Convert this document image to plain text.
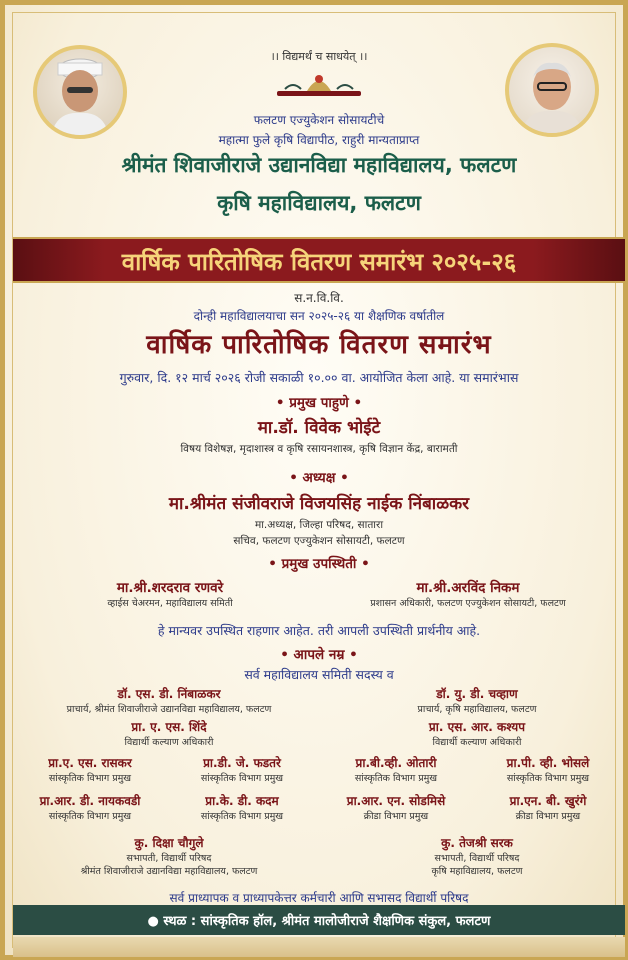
।। विद्यमर्थं च साधयेत् ।।
फलटण एज्युकेशन सोसायटीचे
महात्मा फुले कृषि विद्यापीठ, राहुरी मान्यताप्राप्त
श्रीमंत शिवाजीराजे उद्यानविद्या महाविद्यालय, फलटण
कृषि महाविद्यालय, फलटण
वार्षिक पारितोषिक वितरण समारंभ २०२५-२६
स.न.वि.वि.
दोन्ही महाविद्यालयाचा सन २०२५-२६ या शैक्षणिक वर्षातील
वार्षिक पारितोषिक वितरण समारंभ
गुरुवार, दि. १२ मार्च २०२६ रोजी सकाळी १०.०० वा. आयोजित केला आहे. या समारंभास
• प्रमुख पाहुणे •
मा.डॉ. विवेक भोईटे
विषय विशेषज्ञ, मृदाशास्त्र व कृषि रसायनशास्त्र, कृषि विज्ञान केंद्र, बारामती
• अध्यक्ष •
मा.श्रीमंत संजीवराजे विजयसिंह नाईक निंबाळकर
मा.अध्यक्ष, जिल्हा परिषद, सातारा
सचिव, फलटण एज्युकेशन सोसायटी, फलटण
• प्रमुख उपस्थिती •
मा.श्री.शरदराव रणवरे
व्हाईस चेअरमन, महाविद्यालय समिती
मा.श्री.अरविंद निकम
प्रशासन अधिकारी, फलटण एज्युकेशन सोसायटी, फलटण
हे मान्यवर उपस्थित राहणार आहेत. तरी आपली उपस्थिती प्रार्थनीय आहे.
• आपले नम्र •
सर्व महाविद्यालय समिती सदस्य व
डॉ. एस. डी. निंबाळकर
प्राचार्य, श्रीमंत शिवाजीराजे उद्यानविद्या महाविद्यालय, फलटण
डॉ. यु. डी. चव्हाण
प्राचार्य, कृषि महाविद्यालय, फलटण
प्रा. ए. एस. शिंदे
विद्यार्थी कल्याण अधिकारी
प्रा. एस. आर. कश्यप
विद्यार्थी कल्याण अधिकारी
प्रा.ए. एस. रासकर
सांस्कृतिक विभाग प्रमुख
प्रा.डी. जे. फडतरे
सांस्कृतिक विभाग प्रमुख
प्रा.बी.व्ही. ओतारी
सांस्कृतिक विभाग प्रमुख
प्रा.पी. व्ही. भोसले
सांस्कृतिक विभाग प्रमुख
प्रा.आर. डी. नायकवडी
सांस्कृतिक विभाग प्रमुख
प्रा.के. डी. कदम
सांस्कृतिक विभाग प्रमुख
प्रा.आर. एन. सोडमिसे
क्रीडा विभाग प्रमुख
प्रा.एन. बी. खुरंगे
क्रीडा विभाग प्रमुख
कु. दिक्षा चौगुले
सभापती, विद्यार्थी परिषद
श्रीमंत शिवाजीराजे उद्यानविद्या महाविद्यालय, फलटण
कु. तेजश्री सरक
सभापती, विद्यार्थी परिषद
कृषि महाविद्यालय, फलटण
सर्व प्राध्यापक व प्राध्यापकेत्तर कर्मचारी आणि सभासद विद्यार्थी परिषद
● स्थळ : सांस्कृतिक हॉल, श्रीमंत मालोजीराजे शैक्षणिक संकुल, फलटण
